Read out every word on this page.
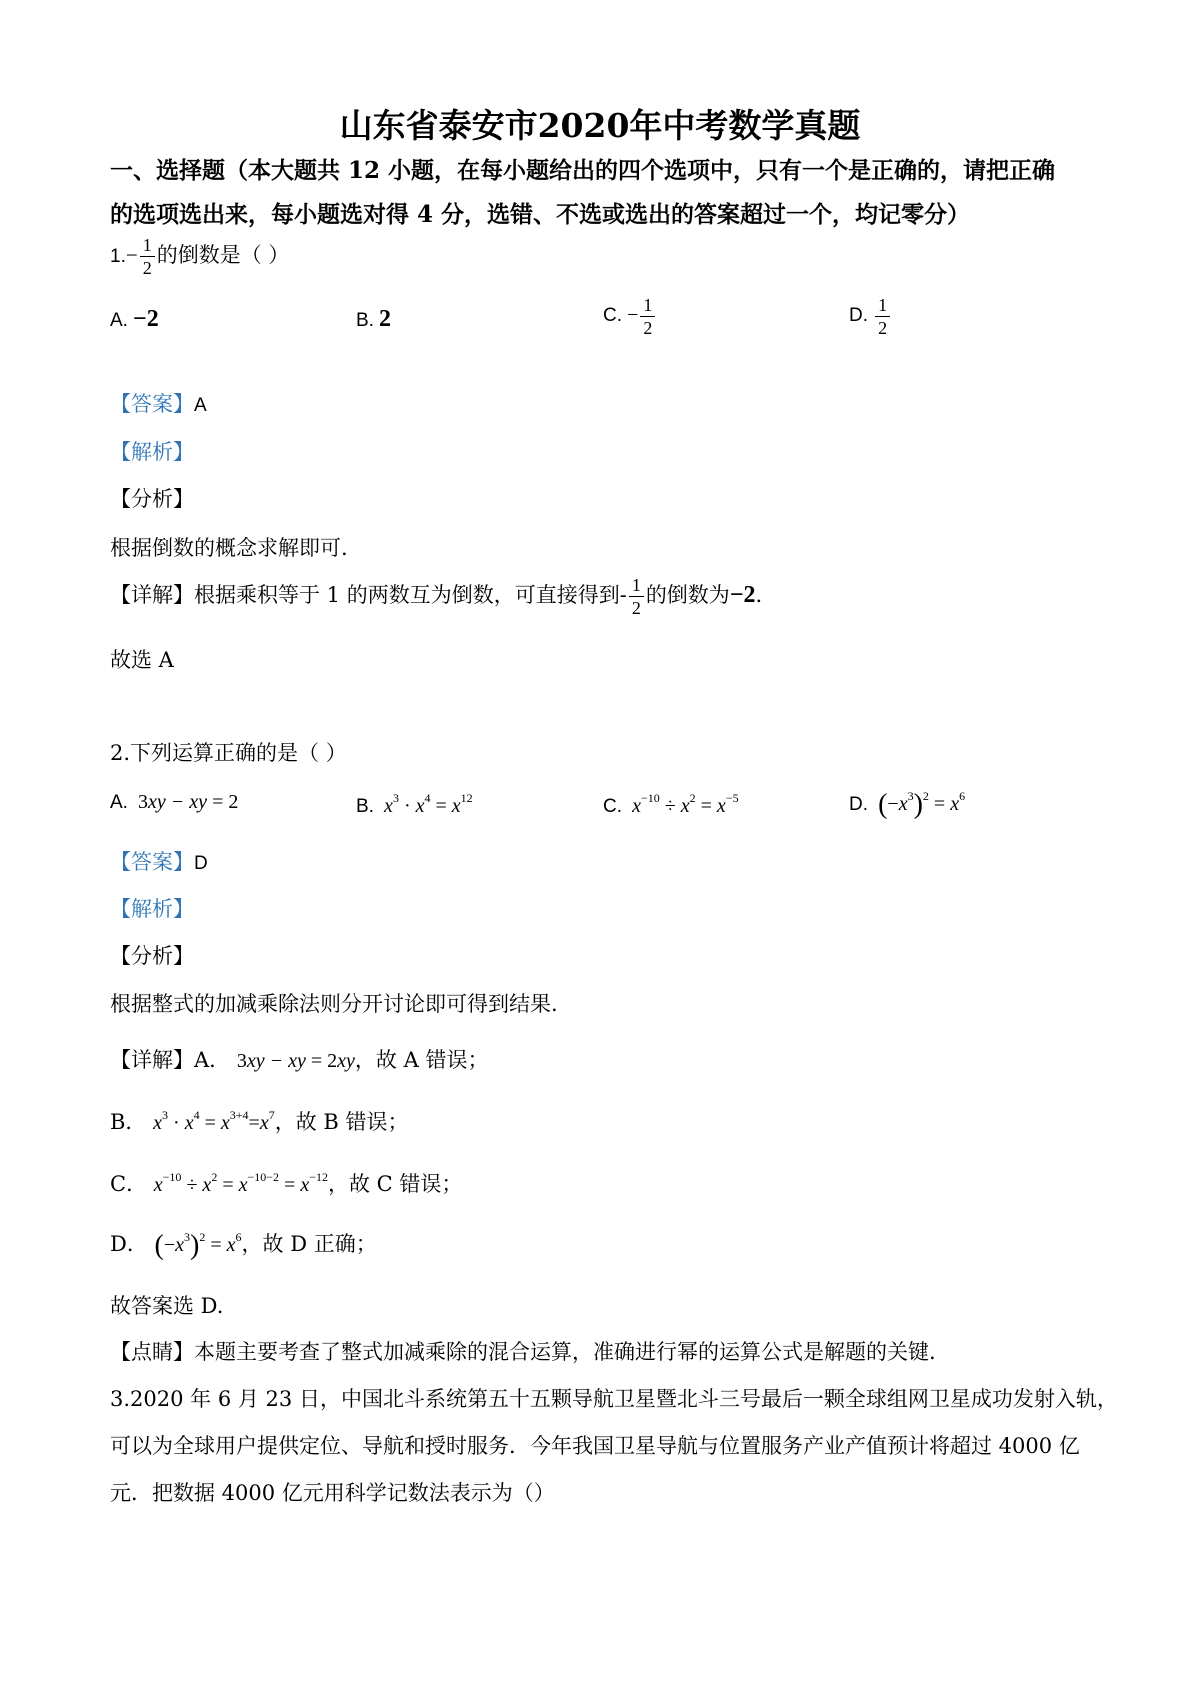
山东省泰安市2020年中考数学真题
一、选择题（本大题共 12 小题，在每小题给出的四个选项中，只有一个是正确的，请把正确
的选项选出来，每小题选对得 4 分，选错、不选或选出的答案超过一个，均记零分）
$1.- \frac{1}{2}$ 的倒数是（ ）
A. −2	B. 2	C. − $\frac{1}{2}$	D. $\frac{1}{2}$
【答案】A
【解析】
【分析】
根据倒数的概念求解即可.
【详解】根据乘积等于 1 的两数互为倒数，可直接得到- $\frac{1}{2}$ 的倒数为−2.
故选 A
2.下列运算正确的是（ ）
A. 3xy − xy = 2	B.  $x^3 \cdot x^4 = x^{12}$	C.  $x^{-10} \div x^2 = x^{-5}$	D. $(-x^3)^2 = x^6$
【答案】D
【解析】
【分析】
根据整式的加减乘除法则分开讨论即可得到结果.
【详解】A． 3xy − xy = 2xy，故 A 错误；
B． $x^3 \cdot x^4 = x^{3+4}=x^7$，故 B 错误；
C． $x^{-10} \div x^2 = x^{-10-2} = x^{-12}$，故 C 错误；
D． $(-x^3)^2 = x^6$，故 D 正确；
故答案选 D.
【点睛】本题主要考查了整式加减乘除的混合运算，准确进行幂的运算公式是解题的关键.
3.2020 年 6 月 23 日，中国北斗系统第五十五颗导航卫星暨北斗三号最后一颗全球组网卫星成功发射入轨，
可以为全球用户提供定位、导航和授时服务．今年我国卫星导航与位置服务产业产值预计将超过 4000 亿
元．把数据 4000 亿元用科学记数法表示为（）
